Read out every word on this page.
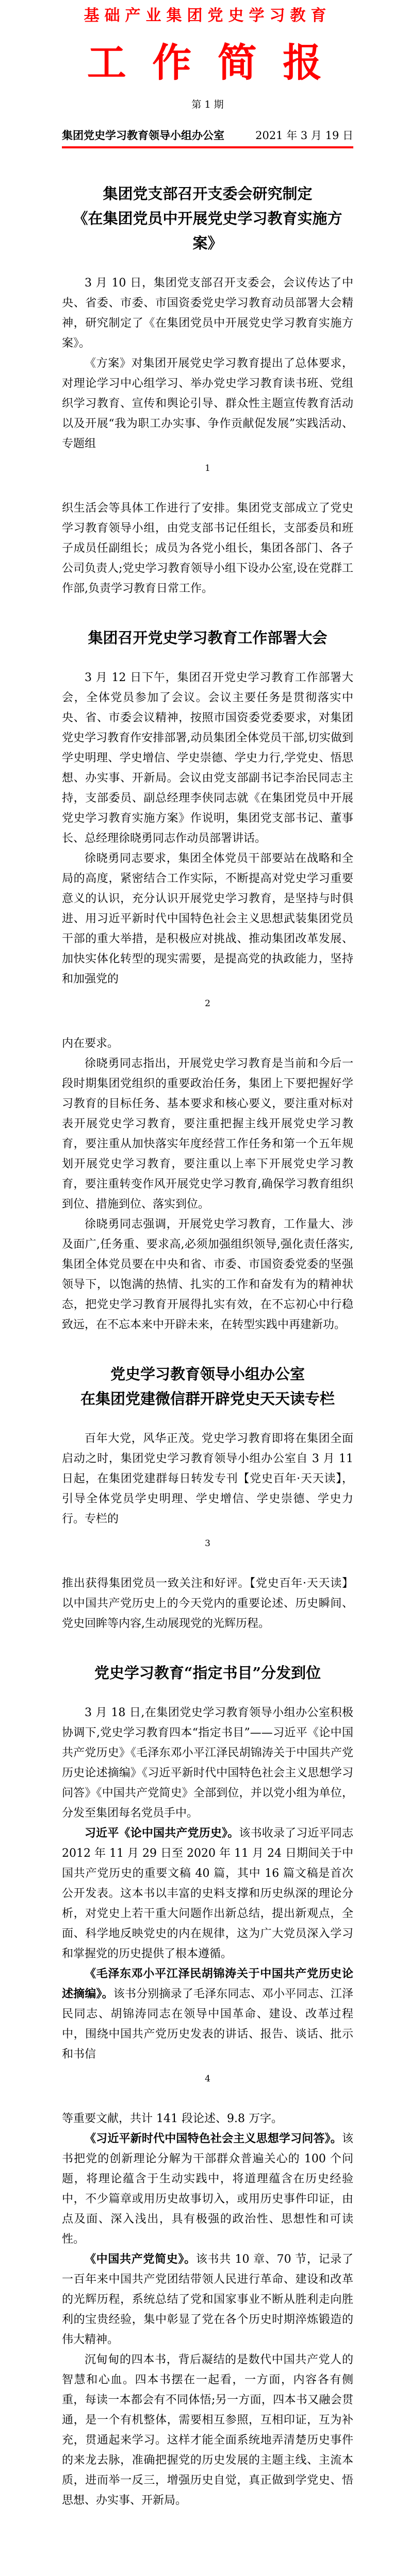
基础产业集团党史学习教育
工 作 简 报
第 1 期
集团党史学习教育领导小组办公室	2021 年 3 月 19 日
集团党支部召开支委会研究制定
《在集团党员中开展党史学习教育实施方案》

3 月 10 日，集团党支部召开支委会，会议传达了中央、省委、市委、市国资委党史学习教育动员部署大会精神，研究制定了《在集团党员中开展党史学习教育实施方案》。

《方案》对集团开展党史学习教育提出了总体要求，对理论学习中心组学习、举办党史学习教育读书班、党组织学习教育、宣传和舆论引导、群众性主题宣传教育活动以及开展“我为职工办实事、争作贡献促发展”实践活动、专题组

1

织生活会等具体工作进行了安排。集团党支部成立了党史学习教育领导小组，由党支部书记任组长，支部委员和班子成员任副组长；成员为各党小组长，集团各部门、各子公司负责人;党史学习教育领导小组下设办公室,设在党群工作部,负责学习教育日常工作。

集团召开党史学习教育工作部署大会

3 月 12 日下午，集团召开党史学习教育工作部署大会，全体党员参加了会议。会议主要任务是贯彻落实中央、省、市委会议精神，按照市国资委党委要求，对集团党史学习教育作安排部署,动员集团全体党员干部,切实做到学史明理、学史增信、学史崇德、学史力行,学党史、悟思想、办实事、开新局。会议由党支部副书记李治民同志主持，支部委员、副总经理李侠同志就《在集团党员中开展党史学习教育实施方案》作说明，集团党支部书记、董事长、总经理徐晓勇同志作动员部署讲话。

徐晓勇同志要求，集团全体党员干部要站在战略和全局的高度，紧密结合工作实际，不断提高对党史学习重要意义的认识，充分认识开展党史学习教育，是坚持与时俱进、用习近平新时代中国特色社会主义思想武装集团党员干部的重大举措，是积极应对挑战、推动集团改革发展、加快实体化转型的现实需要，是提高党的执政能力，坚持和加强党的

2

内在要求。

徐晓勇同志指出，开展党史学习教育是当前和今后一段时期集团党组织的重要政治任务，集团上下要把握好学习教育的目标任务、基本要求和核心要义，要注重对标对表开展党史学习教育，要注重把握主线开展党史学习教育，要注重从加快落实年度经营工作任务和第一个五年规划开展党史学习教育，要注重以上率下开展党史学习教育，要注重转变作风开展党史学习教育,确保学习教育组织到位、措施到位、落实到位。

徐晓勇同志强调，开展党史学习教育，工作量大、涉及面广,任务重、要求高,必须加强组织领导,强化责任落实,集团全体党员要在中央和省、市委、市国资委党委的坚强领导下，以饱满的热情、扎实的工作和奋发有为的精神状态，把党史学习教育开展得扎实有效，在不忘初心中行稳致远，在不忘本来中开辟未来，在转型实践中再建新功。

党史学习教育领导小组办公室
在集团党建微信群开辟党史天天读专栏

百年大党，风华正茂。党史学习教育即将在集团全面启动之时，集团党史学习教育领导小组办公室自 3 月 11 日起，在集团党建群每日转发专刊【党史百年·天天读】，引导全体党员学史明理、学史增信、学史崇德、学史力行。专栏的

3

推出获得集团党员一致关注和好评。【党史百年·天天读】以中国共产党历史上的今天党内的重要论述、历史瞬间、党史回眸等内容,生动展现党的光辉历程。

党史学习教育“指定书目”分发到位

3 月 18 日,在集团党史学习教育领导小组办公室积极协调下,党史学习教育四本“指定书目”——习近平《论中国共产党历史》《毛泽东邓小平江泽民胡锦涛关于中国共产党历史论述摘编》《习近平新时代中国特色社会主义思想学习问答》《中国共产党简史》全部到位，并以党小组为单位，分发至集团每名党员手中。

习近平《论中国共产党历史》。该书收录了习近平同志 2012 年 11 月 29 日至 2020 年 11 月 24 日期间关于中国共产党历史的重要文稿 40 篇，其中 16 篇文稿是首次公开发表。这本书以丰富的史料支撑和历史纵深的理论分析，对党史上若干重大问题作出新总结，提出新观点，全面、科学地反映党史的内在规律，这为广大党员深入学习和掌握党的历史提供了根本遵循。

《毛泽东邓小平江泽民胡锦涛关于中国共产党历史论述摘编》。该书分别摘录了毛泽东同志、邓小平同志、江泽民同志、胡锦涛同志在领导中国革命、建设、改革过程中，围绕中国共产党历史发表的讲话、报告、谈话、批示和书信

4

等重要文献，共计 141 段论述、9.8 万字。

《习近平新时代中国特色社会主义思想学习问答》。该书把党的创新理论分解为干部群众普遍关心的 100 个问题，将理论蕴含于生动实践中，将道理蕴含在历史经验中，不少篇章或用历史故事切入，或用历史事件印证，由点及面、深入浅出，具有极强的政治性、思想性和可读性。

《中国共产党简史》。该书共 10 章、70 节，记录了一百年来中国共产党团结带领人民进行革命、建设和改革的光辉历程，系统总结了党和国家事业不断从胜利走向胜利的宝贵经验，集中彰显了党在各个历史时期淬炼锻造的伟大精神。

沉甸甸的四本书，背后凝结的是数代中国共产党人的智慧和心血。四本书摆在一起看，一方面，内容各有侧重，每读一本都会有不同体悟;另一方面，四本书又融会贯通，是一个有机整体，需要相互参照，互相印证，互为补充，贯通起来学习。这样才能全面系统地弄清楚历史事件的来龙去脉，准确把握党的历史发展的主题主线、主流本质，进而举一反三，增强历史自觉，真正做到学党史、悟思想、办实事、开新局。
